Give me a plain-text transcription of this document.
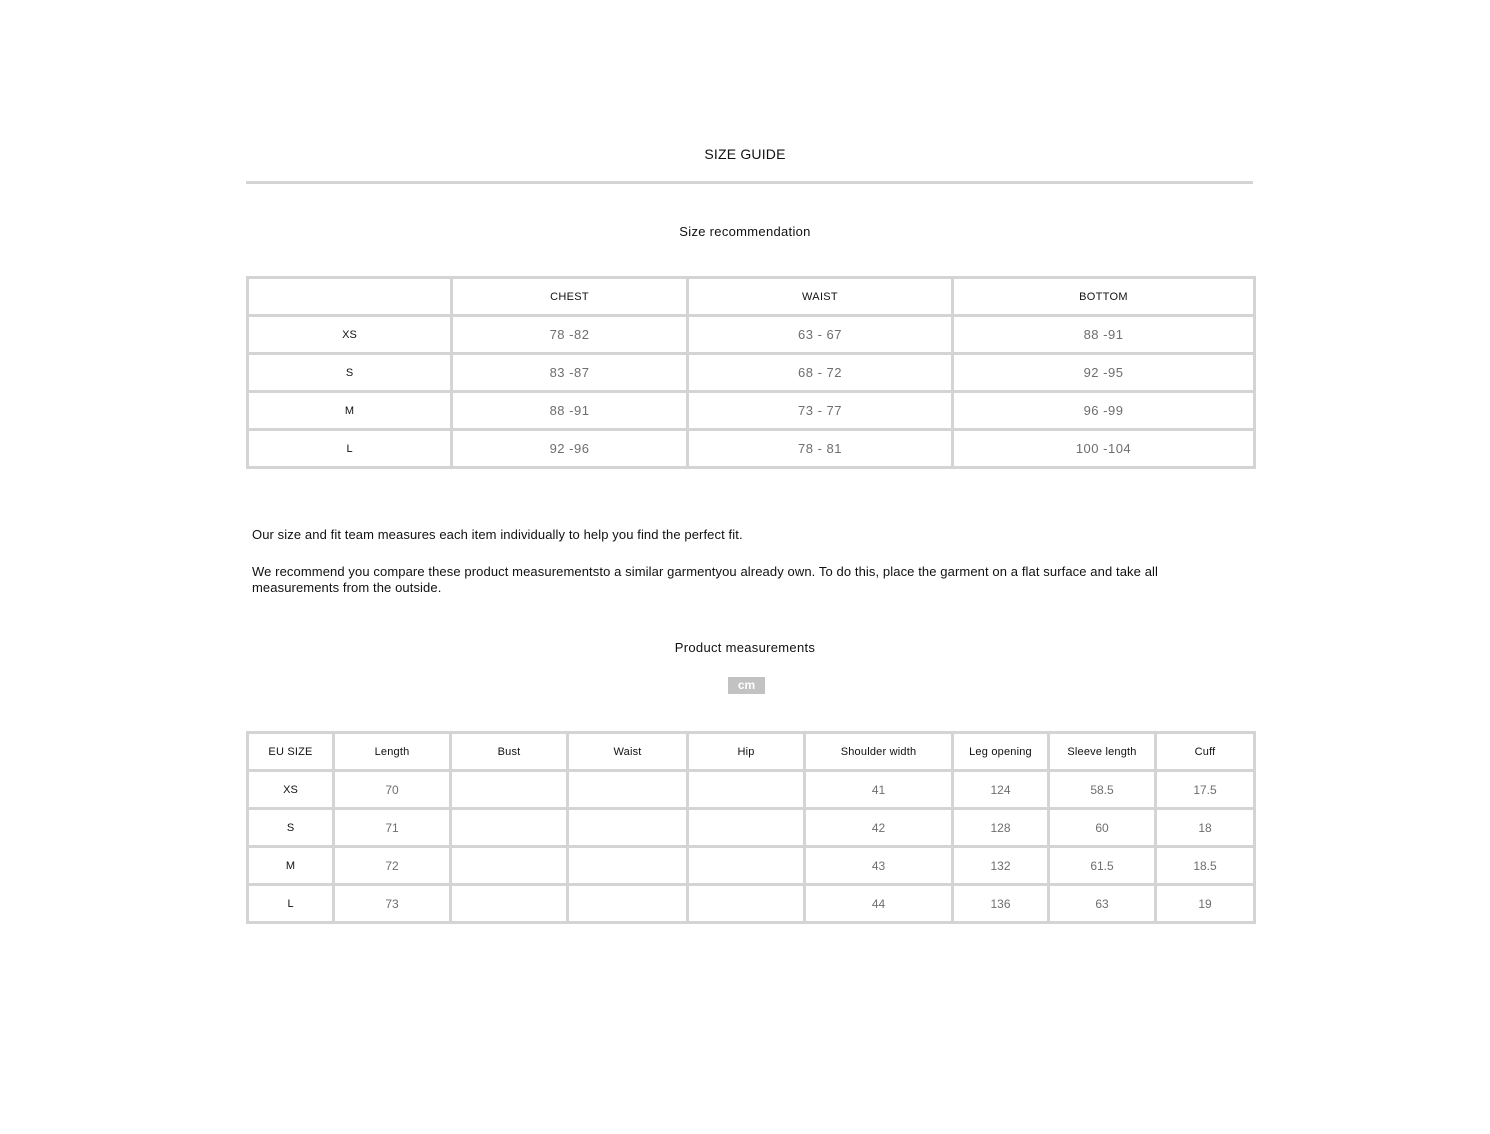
SIZE GUIDE
Size recommendation
	CHEST	WAIST	BOTTOM
XS	78 -82	63 - 67	88 -91
S	83 -87	68 - 72	92 -95
M	88 -91	73 - 77	96 -99
L	92 -96	78 - 81	100 -104
Our size and fit team measures each item individually to help you find the perfect fit.
We recommend you compare these product measurementsto a similar garmentyou already own. To do this, place the garment on a flat surface and take all measurements from the outside.
Product measurements
cm
EU SIZE	Length	Bust	Waist	Hip	Shoulder width	Leg opening	Sleeve length	Cuff
XS	70				41	124	58.5	17.5
S	71				42	128	60	18
M	72				43	132	61.5	18.5
L	73				44	136	63	19
